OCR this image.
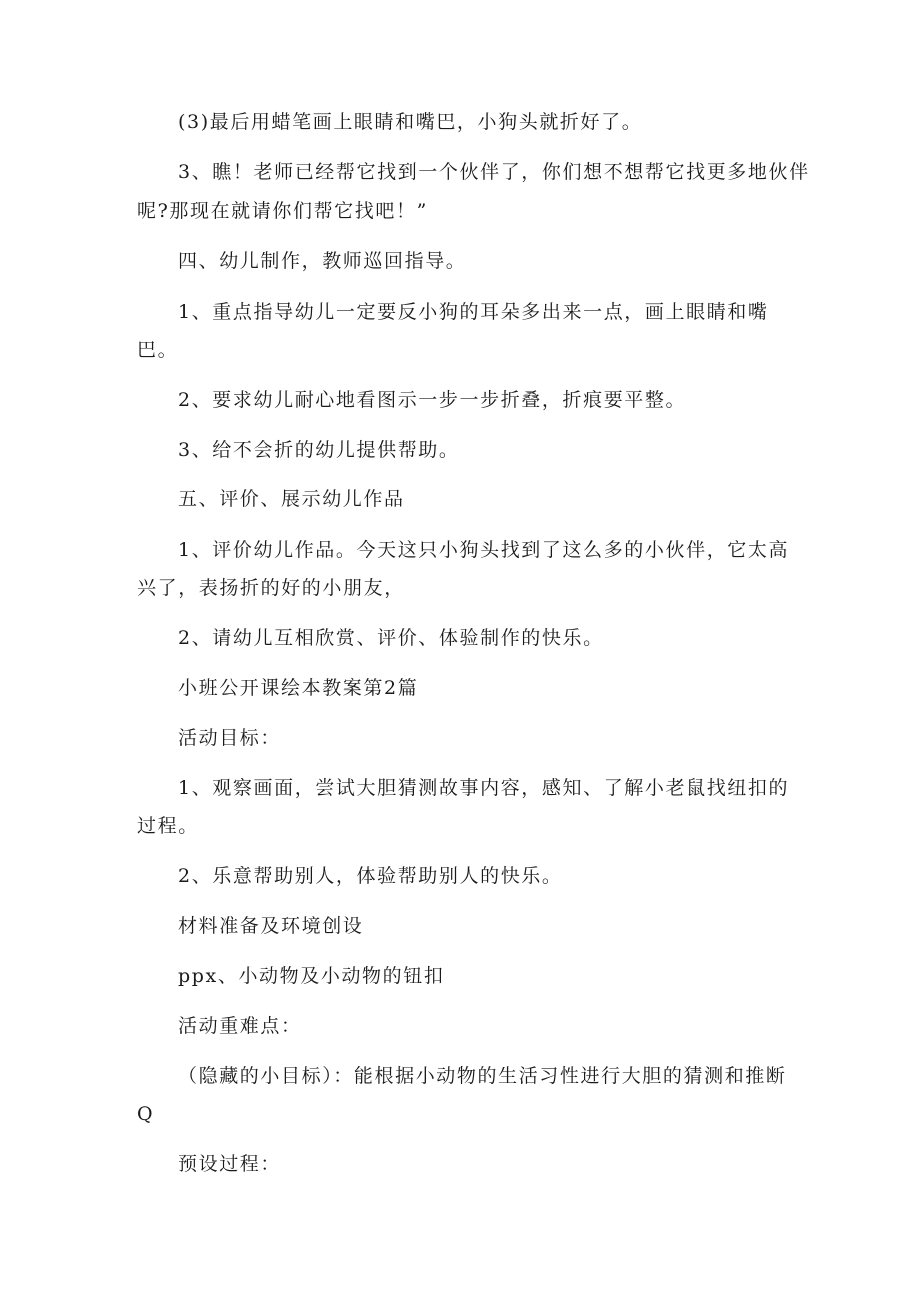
(3)最后用蜡笔画上眼睛和嘴巴，小狗头就折好了。
3、瞧！老师已经帮它找到一个伙伴了，你们想不想帮它找更多地伙伴
呢?那现在就请你们帮它找吧！”
四、幼儿制作，教师巡回指导。
1、重点指导幼儿一定要反小狗的耳朵多出来一点，画上眼睛和嘴
巴。
2、要求幼儿耐心地看图示一步一步折叠，折痕要平整。
3、给不会折的幼儿提供帮助。
五、评价、展示幼儿作品
1、评价幼儿作品。今天这只小狗头找到了这么多的小伙伴，它太高
兴了，表扬折的好的小朋友，
2、请幼儿互相欣赏、评价、体验制作的快乐。
小班公开课绘本教案第2篇
活动目标：
1、观察画面，尝试大胆猜测故事内容，感知、了解小老鼠找纽扣的
过程。
2、乐意帮助别人，体验帮助别人的快乐。
材料准备及环境创设
ppx、小动物及小动物的钮扣
活动重难点：
（隐藏的小目标）：能根据小动物的生活习性进行大胆的猜测和推断
Q
预设过程：
